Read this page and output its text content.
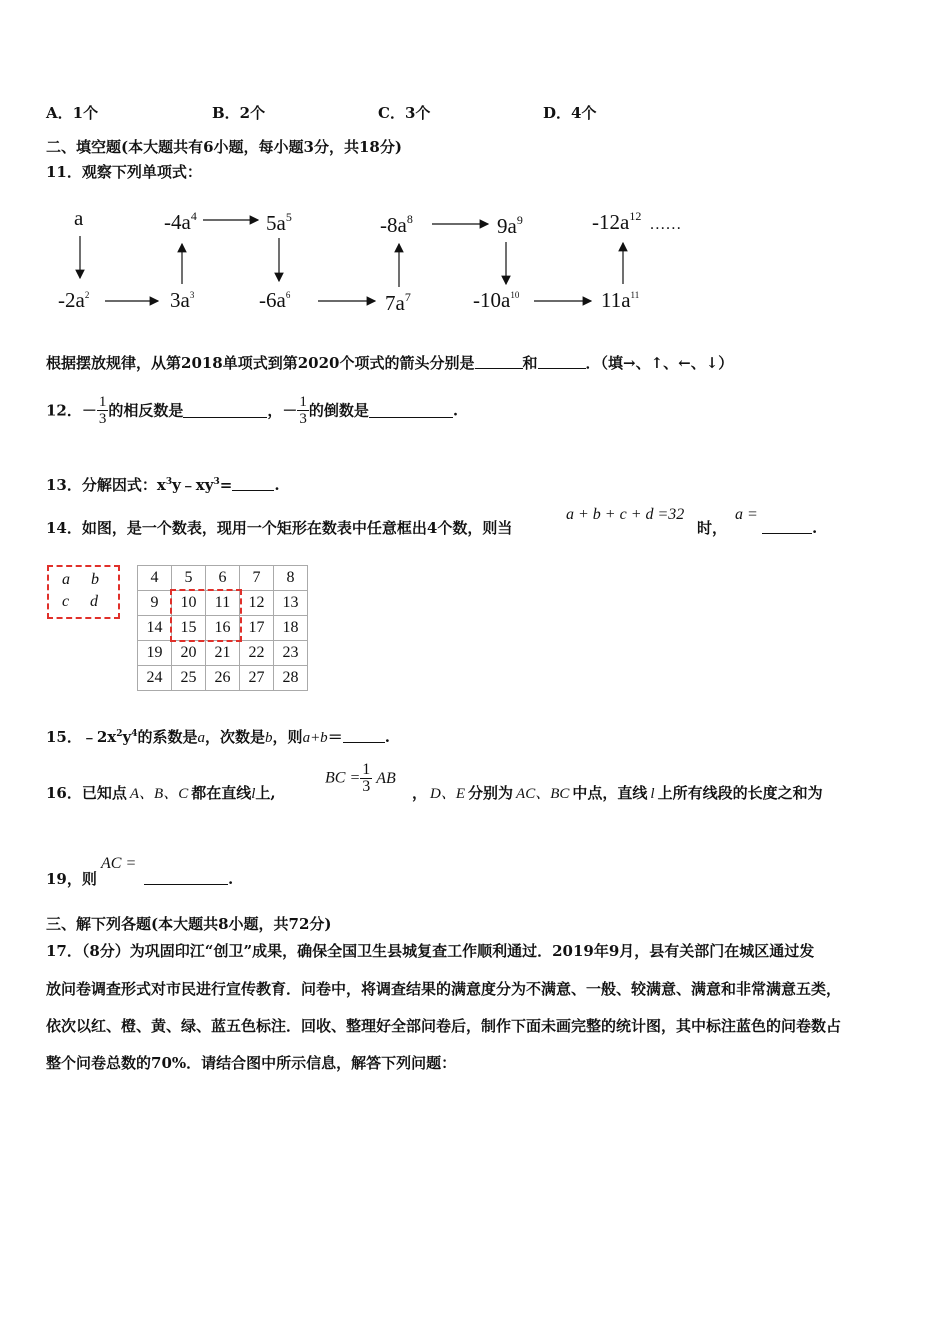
A．1个	B．2个	C．3个	D．4个
二、填空题(本大题共有6小题，每小题3分，共18分)
11．观察下列单项式：
a
$-2a^2$	$3a^3$
$-4a^4$	$5a^5$
$-6a^6$	$7a^7$
$-8a^8$	$9a^9$
$-10a^{10}$	$11a^{11}$
$-12a^{12}$ ……
根据摆放规律，从第2018单项式到第2020个项式的箭头分别是	和	．（填→、↑、←、↓）
12．－ $\frac{1}{3}$ 的相反数是	，－ $\frac{1}{3}$ 的倒数是	.
13．分解因式：$x^3y﹣xy^3=$	.
14．如图，是一个数表，现用一个矩形在数表中任意框出4个数，则当
a + b + c + d =32
时，
a =
.
a b
c d
4	5	6	7	8
9	10	11	12	13
14	15	16	17	18
19	20	21	22	23
24	25	26	27	28
15．$﹣2x^2y^4$的系数是a，次数是b，则a+b＝	.
16．已知点 A、B、C 都在直线l上,
BC = $\frac{1}{3}$ AB
， D、E 分别为 AC、BC 中点，直线 l 上所有线段的长度之和为
19，则
AC =
.
三、解下列各题(本大题共8小题，共72分)
17．（8分）为巩固印江“创卫”成果，确保全国卫生县城复查工作顺利通过．2019年9月，县有关部门在城区通过发
放问卷调查形式对市民进行宣传教育．问卷中，将调查结果的满意度分为不满意、一般、较满意、满意和非常满意五类，
依次以红、橙、黄、绿、蓝五色标注．回收、整理好全部问卷后，制作下面未画完整的统计图，其中标注蓝色的问卷数占
整个问卷总数的70%．请结合图中所示信息，解答下列问题：
